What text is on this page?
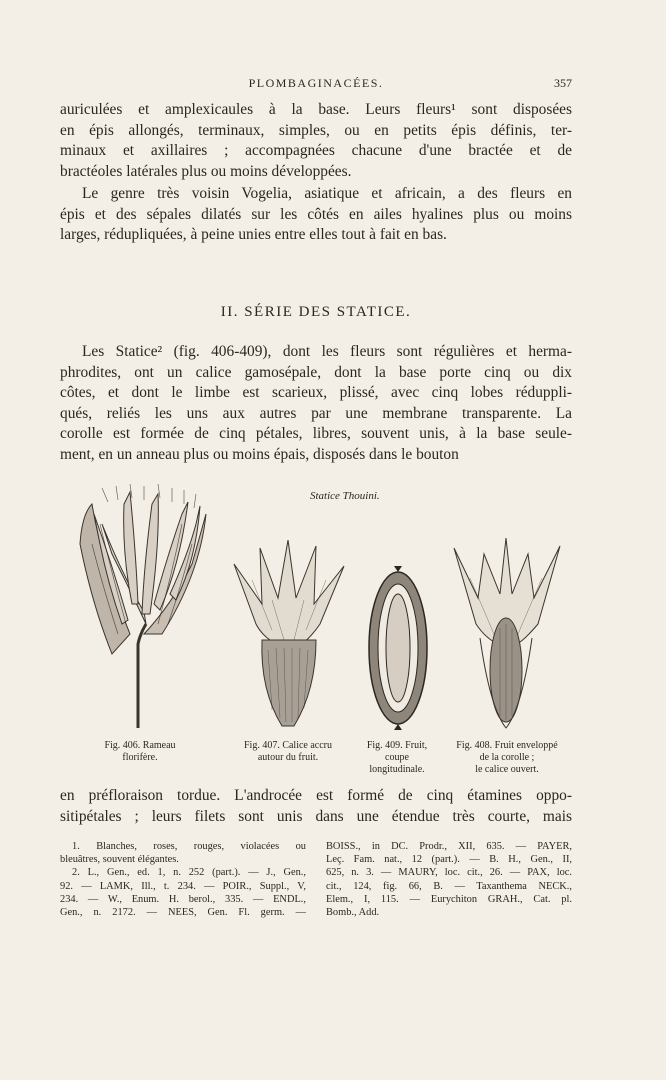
PLOMBAGINACÉES.	357
auriculées et amplexicaules à la base. Leurs fleurs¹ sont disposées
en épis allongés, terminaux, simples, ou en petits épis définis, ter-
minaux et axillaires ; accompagnées chacune d'une bractée et de
bractéoles latérales plus ou moins développées.
Le genre très voisin Vogelia, asiatique et africain, a des fleurs en
épis et des sépales dilatés sur les côtés en ailes hyalines plus ou moins
larges, rédupliquées, à peine unies entre elles tout à fait en bas.
II. SÉRIE DES STATICE.
Les Statice² (fig. 406-409), dont les fleurs sont régulières et herma-
phrodites, ont un calice gamosépale, dont la base porte cinq ou dix
côtes, et dont le limbe est scarieux, plissé, avec cinq lobes réduppli-
qués, reliés les uns aux autres par une membrane transparente. La
corolle est formée de cinq pétales, libres, souvent unis, à la base seule-
ment, en un anneau plus ou moins épais, disposés dans le bouton
Statice Thouini.
Fig. 406. Rameau
florifère.
Fig. 407. Calice accru
autour du fruit.
Fig. 409. Fruit,
coupe
longitudinale.
Fig. 408. Fruit enveloppé
de la corolle ;
le calice ouvert.
en préfloraison tordue. L'androcée est formé de cinq étamines oppo-
sitipétales ; leurs filets sont unis dans une étendue très courte, mais
1. Blanches, roses, rouges, violacées ou
bleuâtres, souvent élégantes.
2. L., Gen., ed. 1, n. 252 (part.). — J., Gen.,
92. — LAMK, Ill., t. 234. — POIR., Suppl., V,
234. — W., Enum. H. berol., 335. — ENDL.,
Gen., n. 2172. — NEES, Gen. Fl. germ. —
BOISS., in DC. Prodr., XII, 635. — PAYER,
Leç. Fam. nat., 12 (part.). — B. H., Gen., II,
625, n. 3. — MAURY, loc. cit., 26. — PAX, loc.
cit., 124, fig. 66, B. — Taxanthema NECK.,
Elem., I, 115. — Eurychiton GRAH., Cat. pl.
Bomb., Add.
